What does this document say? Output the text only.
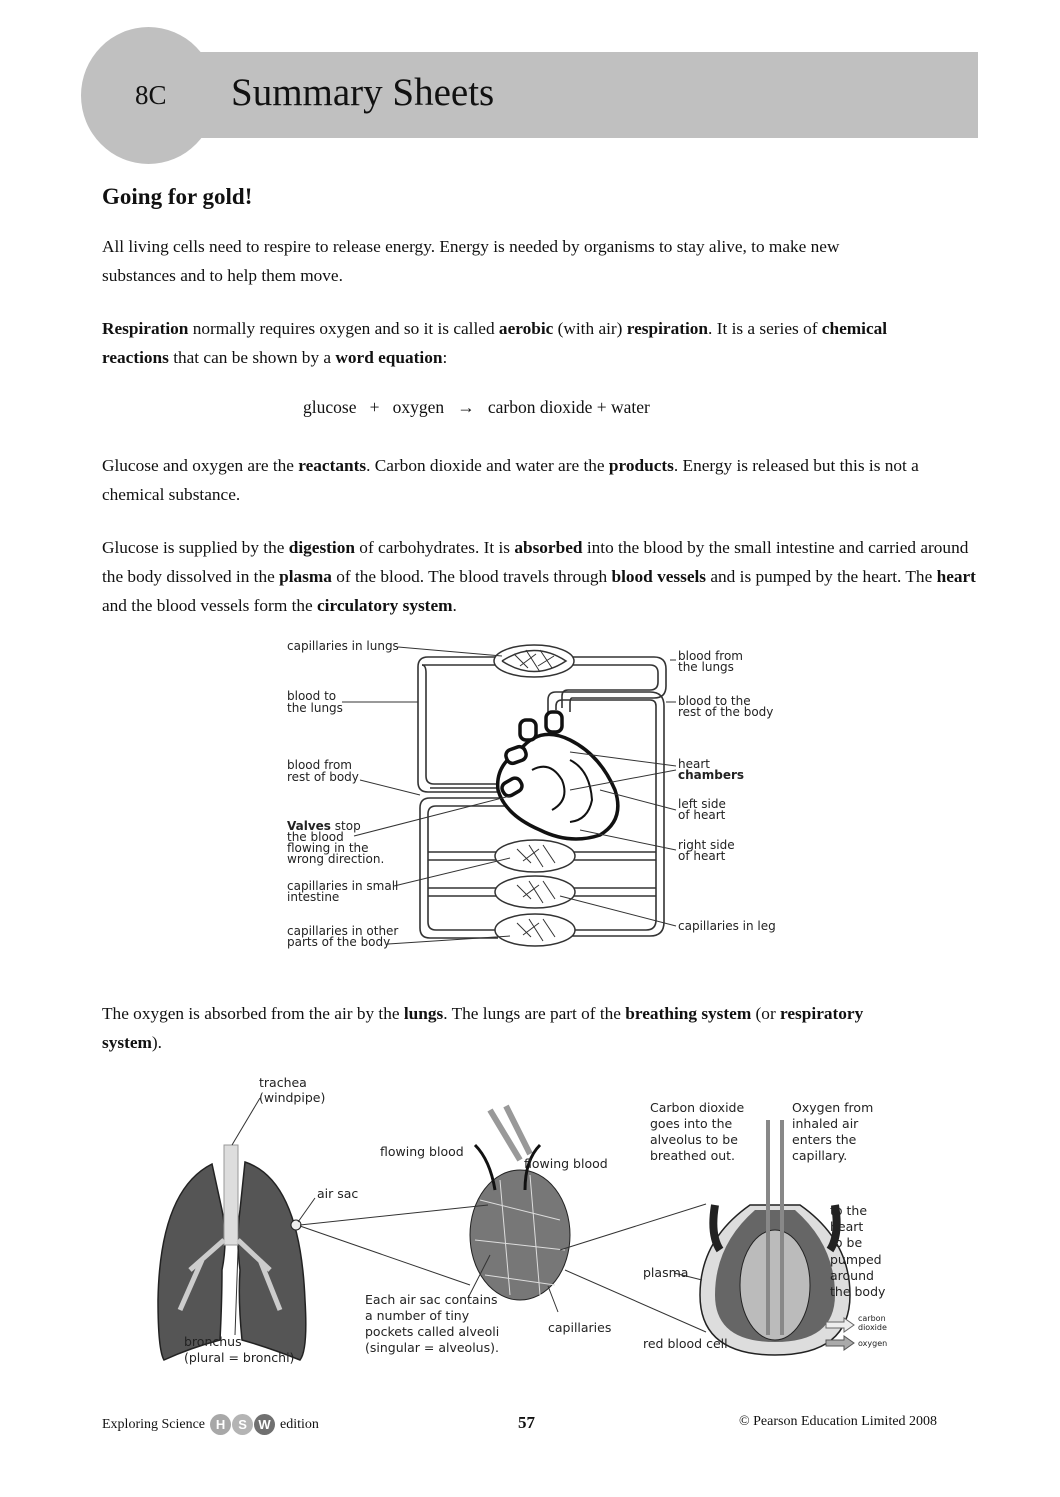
8C Summary Sheets
Going for gold!

All living cells need to respire to release energy. Energy is needed by organisms to stay alive, to make new substances and to help them move.

Respiration normally requires oxygen and so it is called aerobic (with air) respiration. It is a series of chemical reactions that can be shown by a word equation:

glucose + oxygen → carbon dioxide + water

Glucose and oxygen are the reactants. Carbon dioxide and water are the products. Energy is released but this is not a chemical substance.

Glucose is supplied by the digestion of carbohydrates. It is absorbed into the blood by the small intestine and carried around the body dissolved in the plasma of the blood. The blood travels through blood vessels and is pumped by the heart. The heart and the blood vessels form the circulatory system.

capillaries in lungs
blood to
the lungs
blood from
rest of body
Valves stop
the blood
flowing in the
wrong direction.
capillaries in small
intestine
capillaries in other
parts of the body
blood from
the lungs
blood to the
rest of the body
heart
chambers
left side
of heart
right side
of heart
capillaries in leg

The oxygen is absorbed from the air by the lungs. The lungs are part of the breathing system (or respiratory system).

trachea
(windpipe)
air sac
bronchus
(plural = bronchi)
flowing blood
flowing blood
Each air sac contains
a number of tiny
pockets called alveoli
(singular = alveolus).
capillaries
Carbon dioxide
goes into the
alveolus to be
breathed out.
Oxygen from
inhaled air
enters the
capillary.
to the
heart
to be
pumped
around
the body
plasma
red blood cell
carbon
dioxide
oxygen
Exploring Science H S W edition	57	© Pearson Education Limited 2008
